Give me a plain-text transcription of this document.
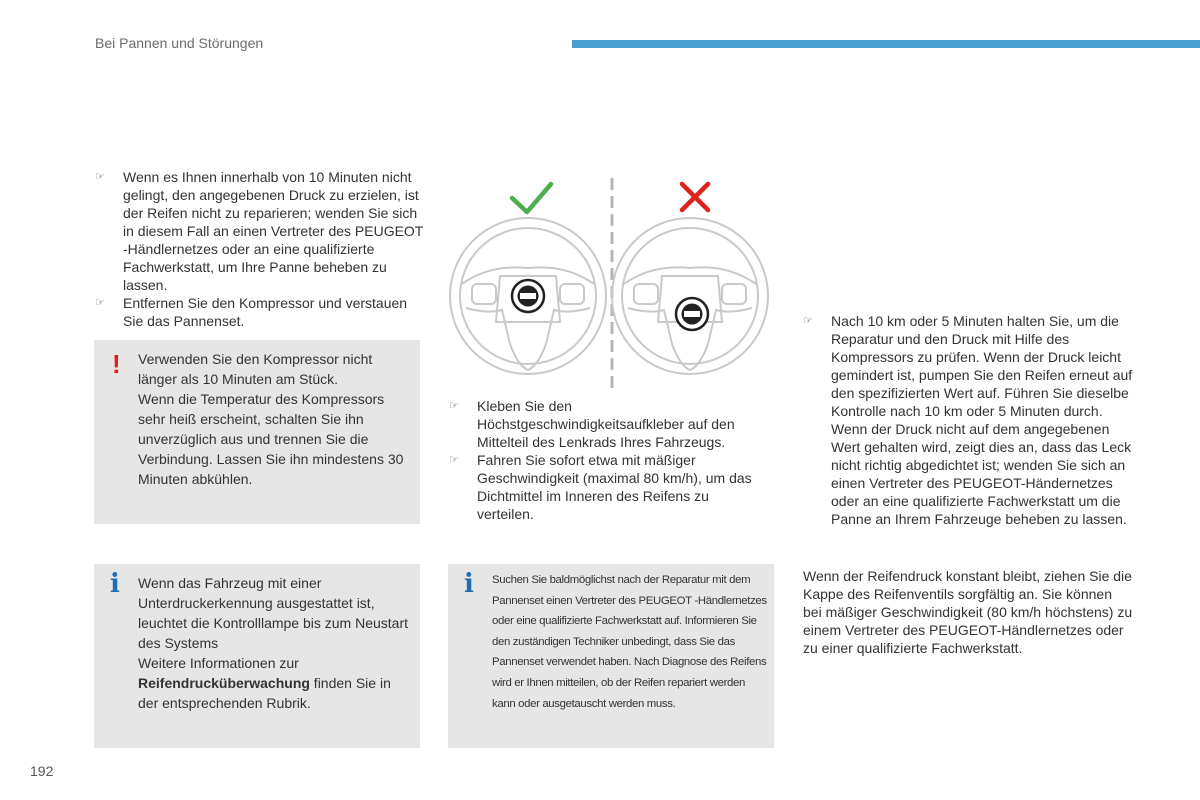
Bei Pannen und Störungen
☞ Wenn es Ihnen innerhalb von 10 Minuten nicht gelingt, den angegebenen Druck zu erzielen, ist der Reifen nicht zu reparieren; wenden Sie sich in diesem Fall an einen Vertreter des PEUGEOT -Händlernetzes oder an eine qualifizierte Fachwerkstatt, um Ihre Panne beheben zu lassen.
☞ Entfernen Sie den Kompressor und verstauen Sie das Pannenset.
! Verwenden Sie den Kompressor nicht länger als 10 Minuten am Stück.

Wenn die Temperatur des Kompressors sehr heiß erscheint, schalten Sie ihn unverzüglich aus und trennen Sie die Verbindung. Lassen Sie ihn mindestens 30 Minuten abkühlen.

i Wenn das Fahrzeug mit einer Unterdruckerkennung ausgestattet ist, leuchtet die Kontrolllampe bis zum Neustart des Systems

Weitere Informationen zur Reifendrucküberwachung finden Sie in der entsprechenden Rubrik.

☞ Kleben Sie den Höchstgeschwindigkeitsaufkleber auf den Mittelteil des Lenkrads Ihres Fahrzeugs.
☞ Fahren Sie sofort etwa mit mäßiger Geschwindigkeit (maximal 80 km/h), um das Dichtmittel im Inneren des Reifens zu verteilen.
i Suchen Sie baldmöglichst nach der Reparatur mit dem Pannenset einen Vertreter des PEUGEOT -Händlernetzes oder eine qualifizierte Fachwerkstatt auf. Informieren Sie den zuständigen Techniker unbedingt, dass Sie das Pannenset verwendet haben. Nach Diagnose des Reifens wird er Ihnen mitteilen, ob der Reifen repariert werden kann oder ausgetauscht werden muss.
☞ Nach 10 km oder 5 Minuten halten Sie, um die Reparatur und den Druck mit Hilfe des Kompressors zu prüfen. Wenn der Druck leicht gemindert ist, pumpen Sie den Reifen erneut auf den spezifizierten Wert auf. Führen Sie dieselbe Kontrolle nach 10 km oder 5 Minuten durch. Wenn der Druck nicht auf dem angegebenen Wert gehalten wird, zeigt dies an, dass das Leck nicht richtig abgedichtet ist; wenden Sie sich an einen Vertreter des PEUGEOT-Händernetzes oder an eine qualifizierte Fachwerkstatt um die Panne an Ihrem Fahrzeuge beheben zu lassen.
Wenn der Reifendruck konstant bleibt, ziehen Sie die Kappe des Reifenventils sorgfältig an. Sie können bei mäßiger Geschwindigkeit (80 km/h höchstens) zu einem Vertreter des PEUGEOT-Händlernetzes oder zu einer qualifizierte Fachwerkstatt.
192
